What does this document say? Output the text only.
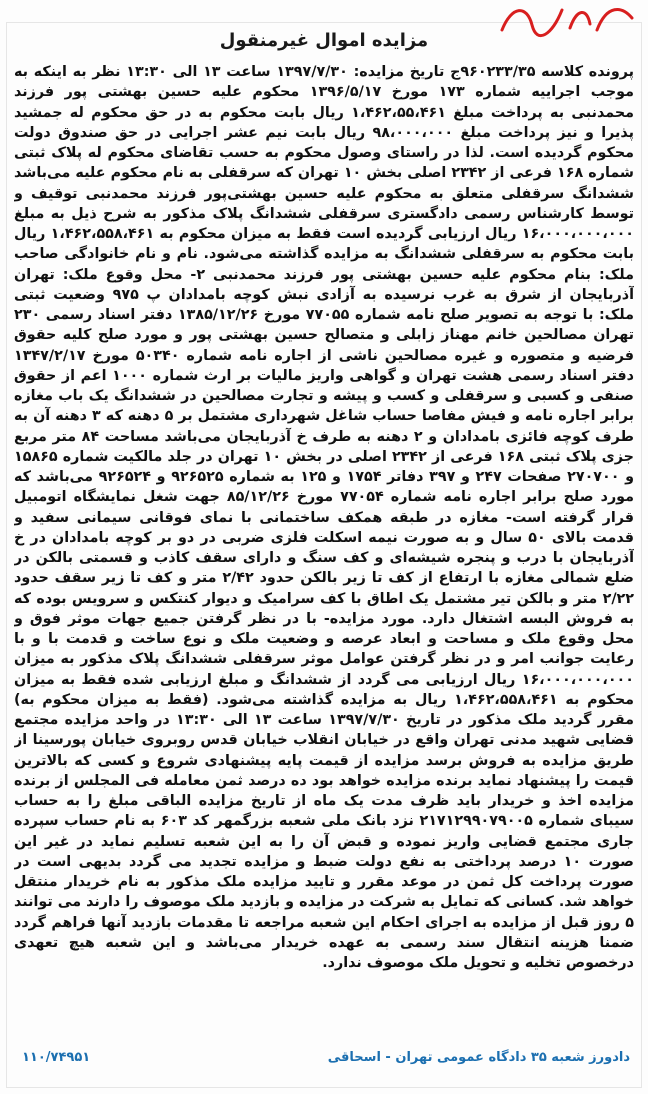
مزایده اموال غیرمنقول

پرونده کلاسه ۹۶۰۲۳۳/۳۵ج تاریخ مزایده: ۱۳۹۷/۷/۳۰ ساعت ۱۳ الی ۱۳:۳۰ نظر به اینکه به موجب اجراییه شماره ۱۷۳ مورخ ۱۳۹۶/۵/۱۷ محکوم علیه حسین بهشتی پور فرزند محمدنبی به پرداخت مبلغ ۱،۴۶۲،۵۵،۴۶۱ ریال بابت محکوم به در حق محکوم له جمشید پذیرا و نیز پرداخت مبلغ ۹۸،۰۰۰،۰۰۰ ریال بابت نیم عشر اجرایی در حق صندوق دولت محکوم گردیده است. لذا در راستای وصول محکوم به حسب تقاضای محکوم له پلاک ثبتی شماره ۱۶۸ فرعی از ۲۳۴۲ اصلی بخش ۱۰ تهران که سرقفلی به نام محکوم علیه می‌باشد ششدانگ سرقفلی متعلق به محکوم علیه حسین بهشتی‌پور فرزند محمدنبی توقیف و توسط کارشناس رسمی دادگستری سرقفلی ششدانگ پلاک مذکور به شرح ذیل به مبلغ ۱۶،۰۰۰،۰۰۰،۰۰۰ ریال ارزیابی گردیده است فقط به میزان محکوم به ۱،۴۶۲،۵۵۸،۴۶۱ ریال بابت محکوم به سرقفلی ششدانگ به مزایده گذاشته می‌شود. نام و نام خانوادگی صاحب ملک: بنام محکوم علیه حسین بهشتی پور فرزند محمدنبی ۲- محل وقوع ملک: تهران آذربایجان از شرق به غرب نرسیده به آزادی نبش کوچه بامدادان پ ۹۷۵ وضعیت ثبتی ملک: با توجه به تصویر صلح نامه شماره ۷۷۰۵۵ مورخ ۱۳۸۵/۱۲/۲۶ دفتر اسناد رسمی ۲۳۰ تهران مصالحین خانم مهناز زابلی و متصالح حسین بهشتی پور و مورد صلح کلیه حقوق فرضیه و متصوره و غیره مصالحین ناشی از اجاره نامه شماره ۵۰۳۴۰ مورخ ۱۳۴۷/۲/۱۷ دفتر اسناد رسمی هشت تهران و گواهی واریز مالیات بر ارث شماره ۱۰۰۰ اعم از حقوق صنفی و کسبی و سرقفلی و کسب و پیشه و تجارت مصالحین در ششدانگ یک باب مغازه برابر اجاره نامه و فیش مفاصا حساب شاغل شهرداری مشتمل بر ۵ دهنه که ۳ دهنه آن به طرف کوچه فائزی بامدادان و ۲ دهنه به طرف خ آذربایجان می‌باشد مساحت ۸۴ متر مربع جزی پلاک ثبتی ۱۶۸ فرعی از ۲۳۴۲ اصلی در بخش ۱۰ تهران در جلد مالکیت شماره ۱۵۸۶۵ و ۲۷۰۷۰۰ صفحات ۲۴۷ و ۳۹۷ دفاتر ۱۷۵۴ و ۱۲۵ به شماره ۹۲۶۵۲۵ و ۹۲۶۵۲۴ می‌باشد که مورد صلح برابر اجاره نامه شماره ۷۷۰۵۴ مورخ ۸۵/۱۲/۲۶ جهت شغل نمایشگاه اتومبیل قرار گرفته است- مغازه در طبقه همکف ساختمانی با نمای فوقانی سیمانی سفید و قدمت بالای ۵۰ سال و به صورت نیمه اسکلت فلزی ضربی در دو بر کوچه بامدادان در خ آذربایجان با درب و پنجره شیشه‌ای و کف سنگ و دارای سقف کاذب و قسمتی بالکن در ضلع شمالی مغازه با ارتفاع از کف تا زیر بالکن حدود ۲/۴۲ متر و کف تا زیر سقف حدود ۲/۲۲ متر و بالکن تیر مشتمل یک اطاق با کف سرامیک و دیوار کنتکس و سرویس بوده که به فروش البسه اشتغال دارد. مورد مزایده- با در نظر گرفتن جمیع جهات موثر فوق و محل وقوع ملک و مساحت و ابعاد عرصه و وضعیت ملک و نوع ساخت و قدمت با و با رعایت جوانب امر و در نظر گرفتن عوامل موثر سرقفلی ششدانگ پلاک مذکور به میزان ۱۶،۰۰۰،۰۰۰،۰۰۰ ریال ارزیابی می گردد از ششدانگ و مبلغ ارزیابی شده فقط به میزان محکوم به ۱،۴۶۲،۵۵۸،۴۶۱ ریال به مزایده گذاشته می‌شود. (فقط به میزان محکوم به) مقرر گردید ملک مذکور در تاریخ ۱۳۹۷/۷/۳۰ ساعت ۱۳ الی ۱۳:۳۰ در واحد مزایده مجتمع قضایی شهید مدنی تهران واقع در خیابان انقلاب خیابان قدس روبروی خیابان پورسینا از طریق مزایده به فروش برسد مزایده از قیمت پایه پیشنهادی شروع و کسی که بالاترین قیمت را پیشنهاد نماید برنده مزایده خواهد بود ده درصد ثمن معامله فی المجلس از برنده مزایده اخذ و خریدار باید ظرف مدت یک ماه از تاریخ مزایده الباقی مبلغ را به حساب سیبای شماره ۲۱۷۱۲۹۹۰۷۹۰۰۵ نزد بانک ملی شعبه بزرگمهر کد ۶۰۳ به نام حساب سپرده جاری مجتمع قضایی واریز نموده و قبض آن را به این شعبه تسلیم نماید در غیر این صورت ۱۰ درصد پرداختی به نفع دولت ضبط و مزایده تجدید می گردد بدیهی است در صورت پرداخت کل ثمن در موعد مقرر و تایید مزایده ملک مذکور به نام خریدار منتقل خواهد شد. کسانی که تمایل به شرکت در مزایده و بازدید ملک موصوف را دارند می توانند ۵ روز قبل از مزایده به اجرای احکام این شعبه مراجعه تا مقدمات بازدید آنها فراهم گردد ضمنا هزینه انتقال سند رسمی به عهده خریدار می‌باشد و این شعبه هیچ تعهدی درخصوص تخلیه و تحویل ملک موصوف ندارد.

دادورز شعبه ۳۵ دادگاه عمومی تهران - اسحاقی
۱۱۰/۷۴۹۵۱
